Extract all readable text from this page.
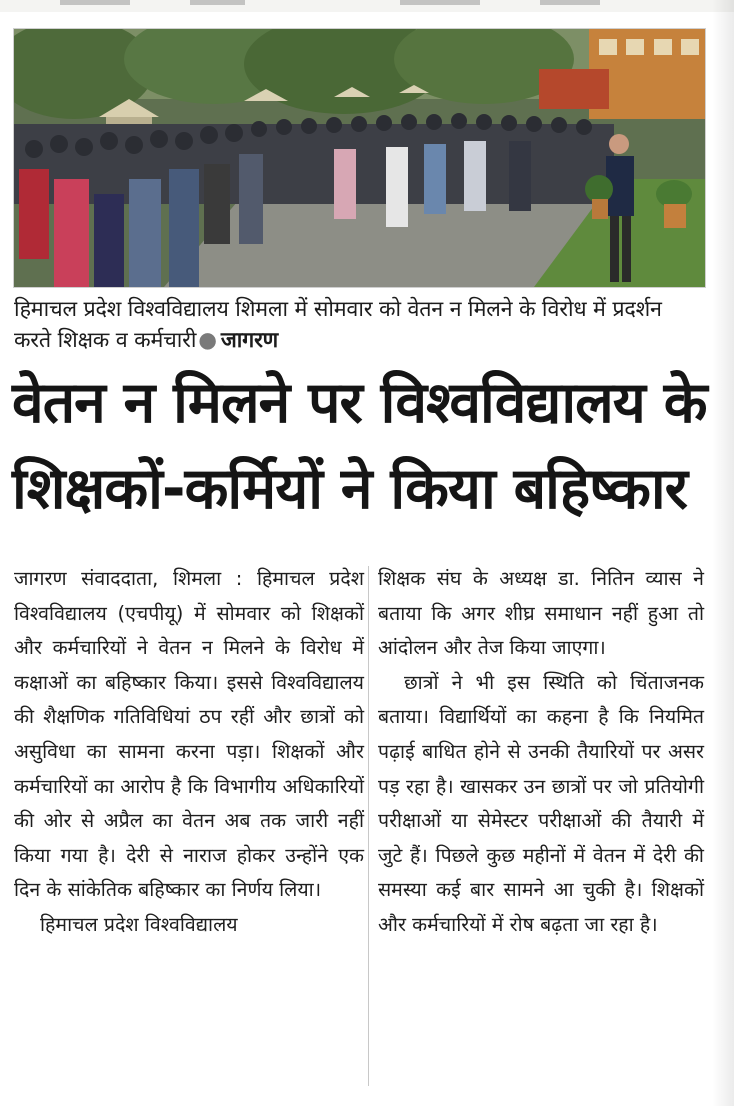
हिमाचल प्रदेश विश्वविद्यालय शिमला में सोमवार को वेतन न मिलने के विरोध में प्रदर्शन करते शिक्षक व कर्मचारी● जागरण
वेतन न मिलने पर विश्वविद्यालय के
शिक्षकों-कर्मियों ने किया बहिष्कार

जागरण संवाददाता, शिमला : हिमाचल प्रदेश विश्वविद्यालय (एचपीयू) में सोमवार को शिक्षकों और कर्मचारियों ने वेतन न मिलने के विरोध में कक्षाओं का बहिष्कार किया। इससे विश्वविद्यालय की शैक्षणिक गतिविधियां ठप रहीं और छात्रों को असुविधा का सामना करना पड़ा। शिक्षकों और कर्मचारियों का आरोप है कि विभागीय अधिकारियों की ओर से अप्रैल का वेतन अब तक जारी नहीं किया गया है। देरी से नाराज होकर उन्होंने एक दिन के सांकेतिक बहिष्कार का निर्णय लिया।

हिमाचल प्रदेश विश्वविद्यालय

शिक्षक संघ के अध्यक्ष डा. नितिन व्यास ने बताया कि अगर शीघ्र समाधान नहीं हुआ तो आंदोलन और तेज किया जाएगा।

छात्रों ने भी इस स्थिति को चिंताजनक बताया। विद्यार्थियों का कहना है कि नियमित पढ़ाई बाधित होने से उनकी तैयारियों पर असर पड़ रहा है। खासकर उन छात्रों पर जो प्रतियोगी परीक्षाओं या सेमेस्टर परीक्षाओं की तैयारी में जुटे हैं। पिछले कुछ महीनों में वेतन में देरी की समस्या कई बार सामने आ चुकी है। शिक्षकों और कर्मचारियों में रोष बढ़ता जा रहा है।
